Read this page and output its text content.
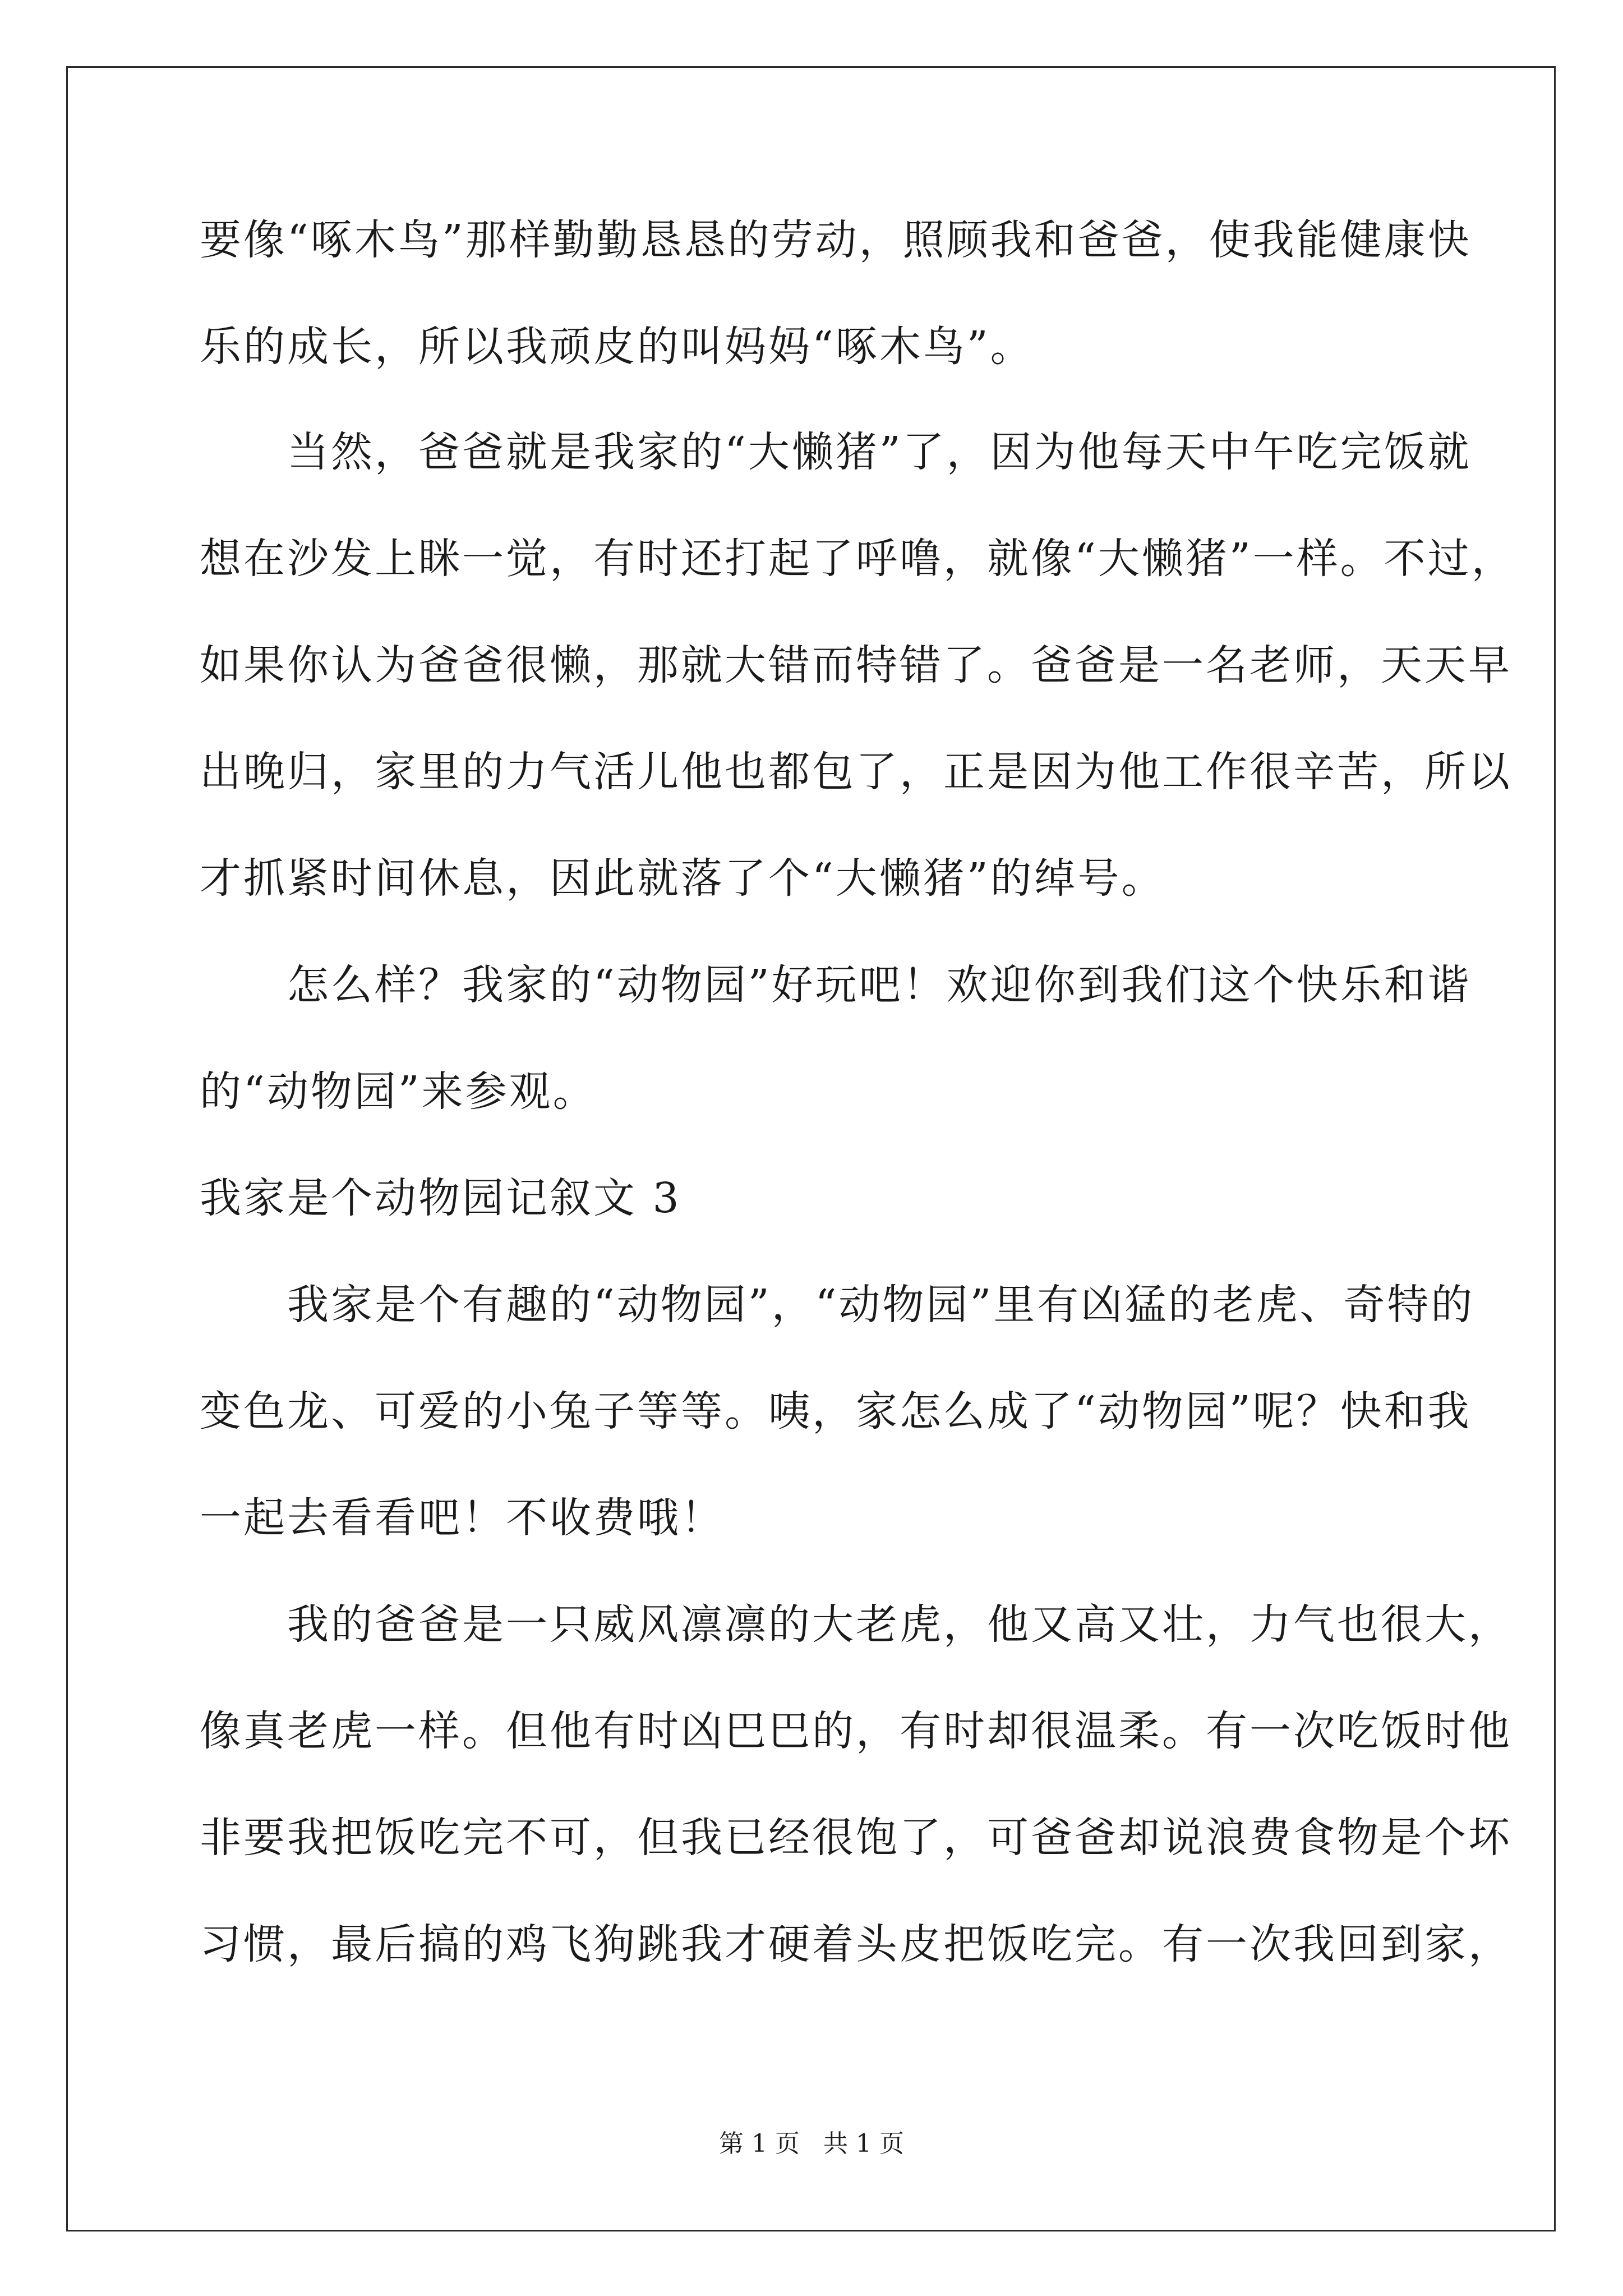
要像“啄木鸟”那样勤勤恳恳的劳动，照顾我和爸爸，使我能健康快
乐的成长，所以我顽皮的叫妈妈“啄木鸟”。
　　当然，爸爸就是我家的“大懒猪”了，因为他每天中午吃完饭就
想在沙发上眯一觉，有时还打起了呼噜，就像“大懒猪”一样。不过，
如果你认为爸爸很懒，那就大错而特错了。爸爸是一名老师，天天早
出晚归，家里的力气活儿他也都包了，正是因为他工作很辛苦，所以
才抓紧时间休息，因此就落了个“大懒猪”的绰号。
　　怎么样？我家的“动物园”好玩吧！欢迎你到我们这个快乐和谐
的“动物园”来参观。
我家是个动物园记叙文 3
　　我家是个有趣的“动物园”，“动物园”里有凶猛的老虎、奇特的
变色龙、可爱的小兔子等等。咦，家怎么成了“动物园”呢？快和我
一起去看看吧！不收费哦！
　　我的爸爸是一只威风凛凛的大老虎，他又高又壮，力气也很大，
像真老虎一样。但他有时凶巴巴的，有时却很温柔。有一次吃饭时他
非要我把饭吃完不可，但我已经很饱了，可爸爸却说浪费食物是个坏
习惯，最后搞的鸡飞狗跳我才硬着头皮把饭吃完。有一次我回到家，
第 1 页   共 1 页
